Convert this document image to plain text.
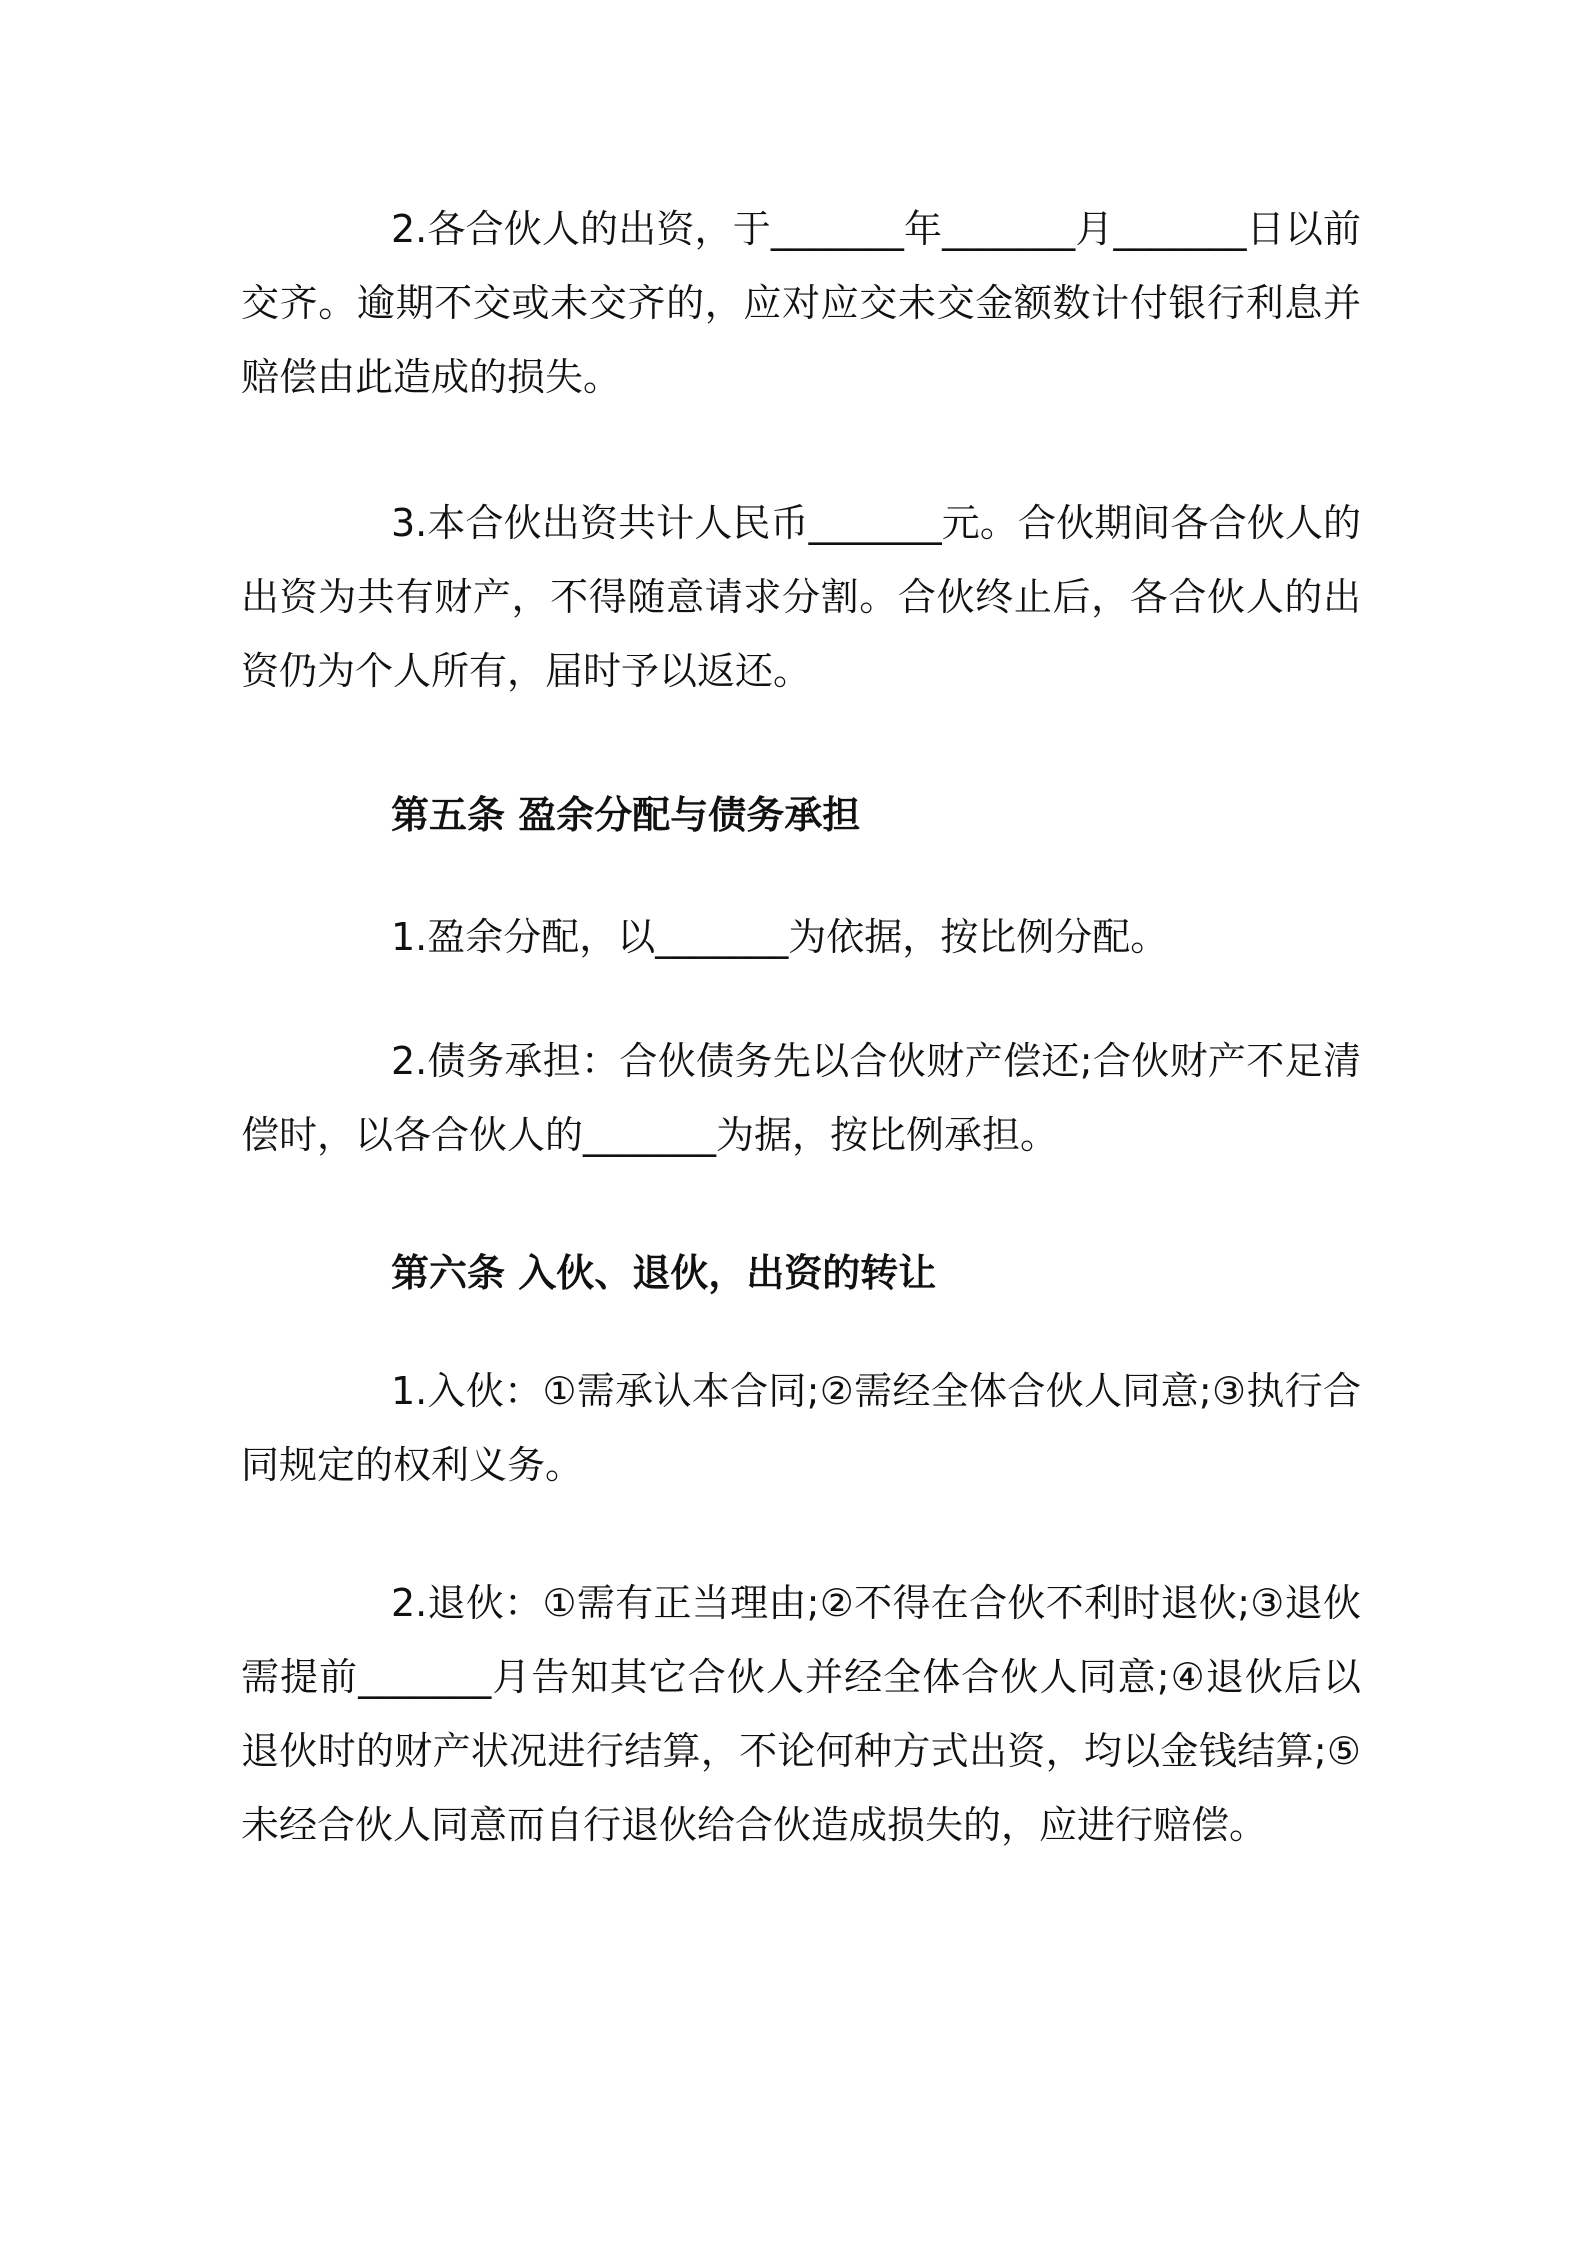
2.各合伙人的出资，于_______年_______月_______日以前交齐。逾期不交或未交齐的，应对应交未交金额数计付银行利息并赔偿由此造成的损失。

3.本合伙出资共计人民币_______元。合伙期间各合伙人的出资为共有财产，不得随意请求分割。合伙终止后，各合伙人的出资仍为个人所有，届时予以返还。

第五条 盈余分配与债务承担

1.盈余分配，以_______为依据，按比例分配。

2.债务承担：合伙债务先以合伙财产偿还;合伙财产不足清偿时，以各合伙人的_______为据，按比例承担。

第六条 入伙、退伙，出资的转让

1.入伙：①需承认本合同;②需经全体合伙人同意;③执行合同规定的权利义务。

2.退伙：①需有正当理由;②不得在合伙不利时退伙;③退伙需提前_______月告知其它合伙人并经全体合伙人同意;④退伙后以退伙时的财产状况进行结算，不论何种方式出资，均以金钱结算;⑤未经合伙人同意而自行退伙给合伙造成损失的，应进行赔偿。
